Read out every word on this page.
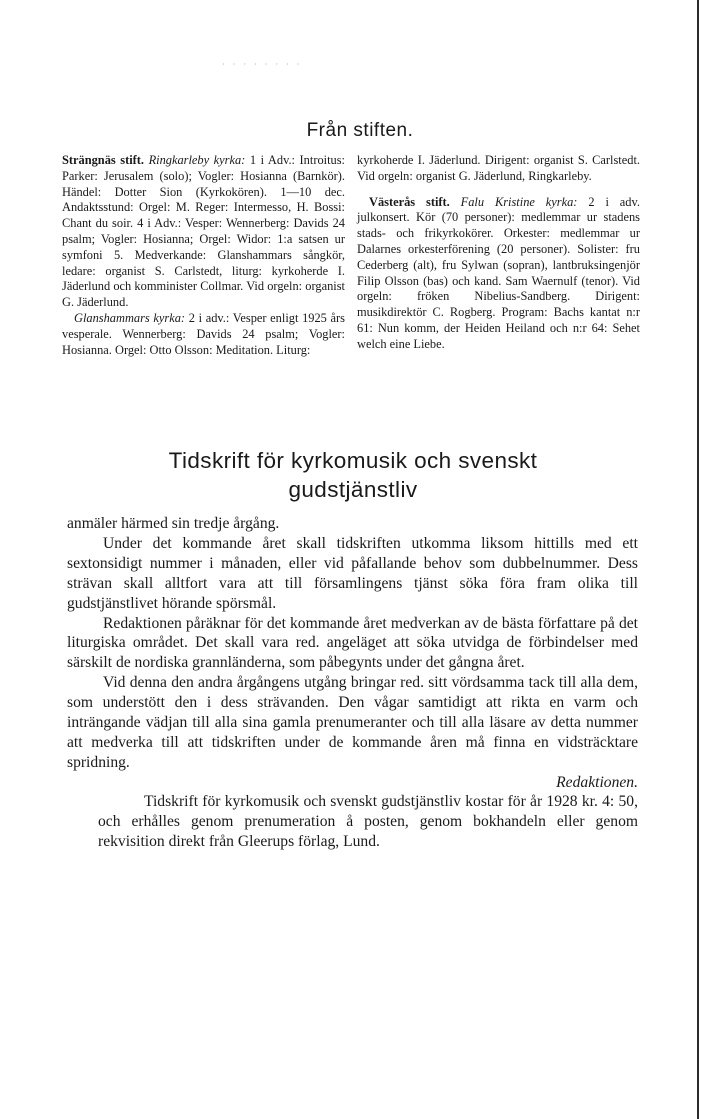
· · · · · · · ·
Från stiften.

Strängnäs stift. Ringkarleby kyrka: 1 i Adv.: Introitus: Parker: Jerusalem (solo); Vogler: Hosianna (Barnkör). Händel: Dotter Sion (Kyrkokören). 1—10 dec. Andaktsstund: Orgel: M. Reger: Intermesso, H. Bossi: Chant du soir. 4 i Adv.: Vesper: Wennerberg: Davids 24 psalm; Vogler: Hosianna; Orgel: Widor: 1:a satsen ur symfoni 5. Medverkande: Glanshammars sångkör, ledare: organist S. Carlstedt, liturg: kyrkoherde I. Jäderlund och komminister Collmar. Vid orgeln: organist G. Jäderlund.

Glanshammars kyrka: 2 i adv.: Vesper enligt 1925 års vesperale. Wennerberg: Davids 24 psalm; Vogler: Hosianna. Orgel: Otto Olsson: Meditation. Liturg:

kyrkoherde I. Jäderlund. Dirigent: organist S. Carlstedt. Vid orgeln: organist G. Jäderlund, Ringkarleby.

Västerås stift. Falu Kristine kyrka: 2 i adv. julkonsert. Kör (70 personer): medlemmar ur stadens stads- och frikyrkokörer. Orkester: medlemmar ur Dalarnes orkesterförening (20 personer). Solister: fru Cederberg (alt), fru Sylwan (sopran), lantbruksingenjör Filip Olsson (bas) och kand. Sam Waernulf (tenor). Vid orgeln: fröken Nibelius-Sandberg. Dirigent: musikdirektör C. Rogberg. Program: Bachs kantat n:r 61: Nun komm, der Heiden Heiland och n:r 64: Sehet welch eine Liebe.

Tidskrift för kyrkomusik och svenskt
gudstjänstliv

anmäler härmed sin tredje årgång.

Under det kommande året skall tidskriften utkomma liksom hittills med ett sextonsidigt nummer i månaden, eller vid påfallande behov som dubbelnummer. Dess strävan skall alltfort vara att till församlingens tjänst söka föra fram olika till gudstjänstlivet hörande spörsmål.

Redaktionen påräknar för det kommande året medverkan av de bästa författare på det liturgiska området. Det skall vara red. angeläget att söka utvidga de förbindelser med särskilt de nordiska grannländerna, som påbegynts under det gångna året.

Vid denna den andra årgångens utgång bringar red. sitt vördsamma tack till alla dem, som understött den i dess strävanden. Den vågar samtidigt att rikta en varm och inträngande vädjan till alla sina gamla prenumeranter och till alla läsare av detta nummer att medverka till att tidskriften under de kommande åren må finna en vidsträcktare spridning.

Redaktionen.

Tidskrift för kyrkomusik och svenskt gudstjänstliv kostar för år 1928 kr. 4: 50, och erhålles genom prenumeration å posten, genom bokhandeln eller genom rekvisition direkt från Gleerups förlag, Lund.
